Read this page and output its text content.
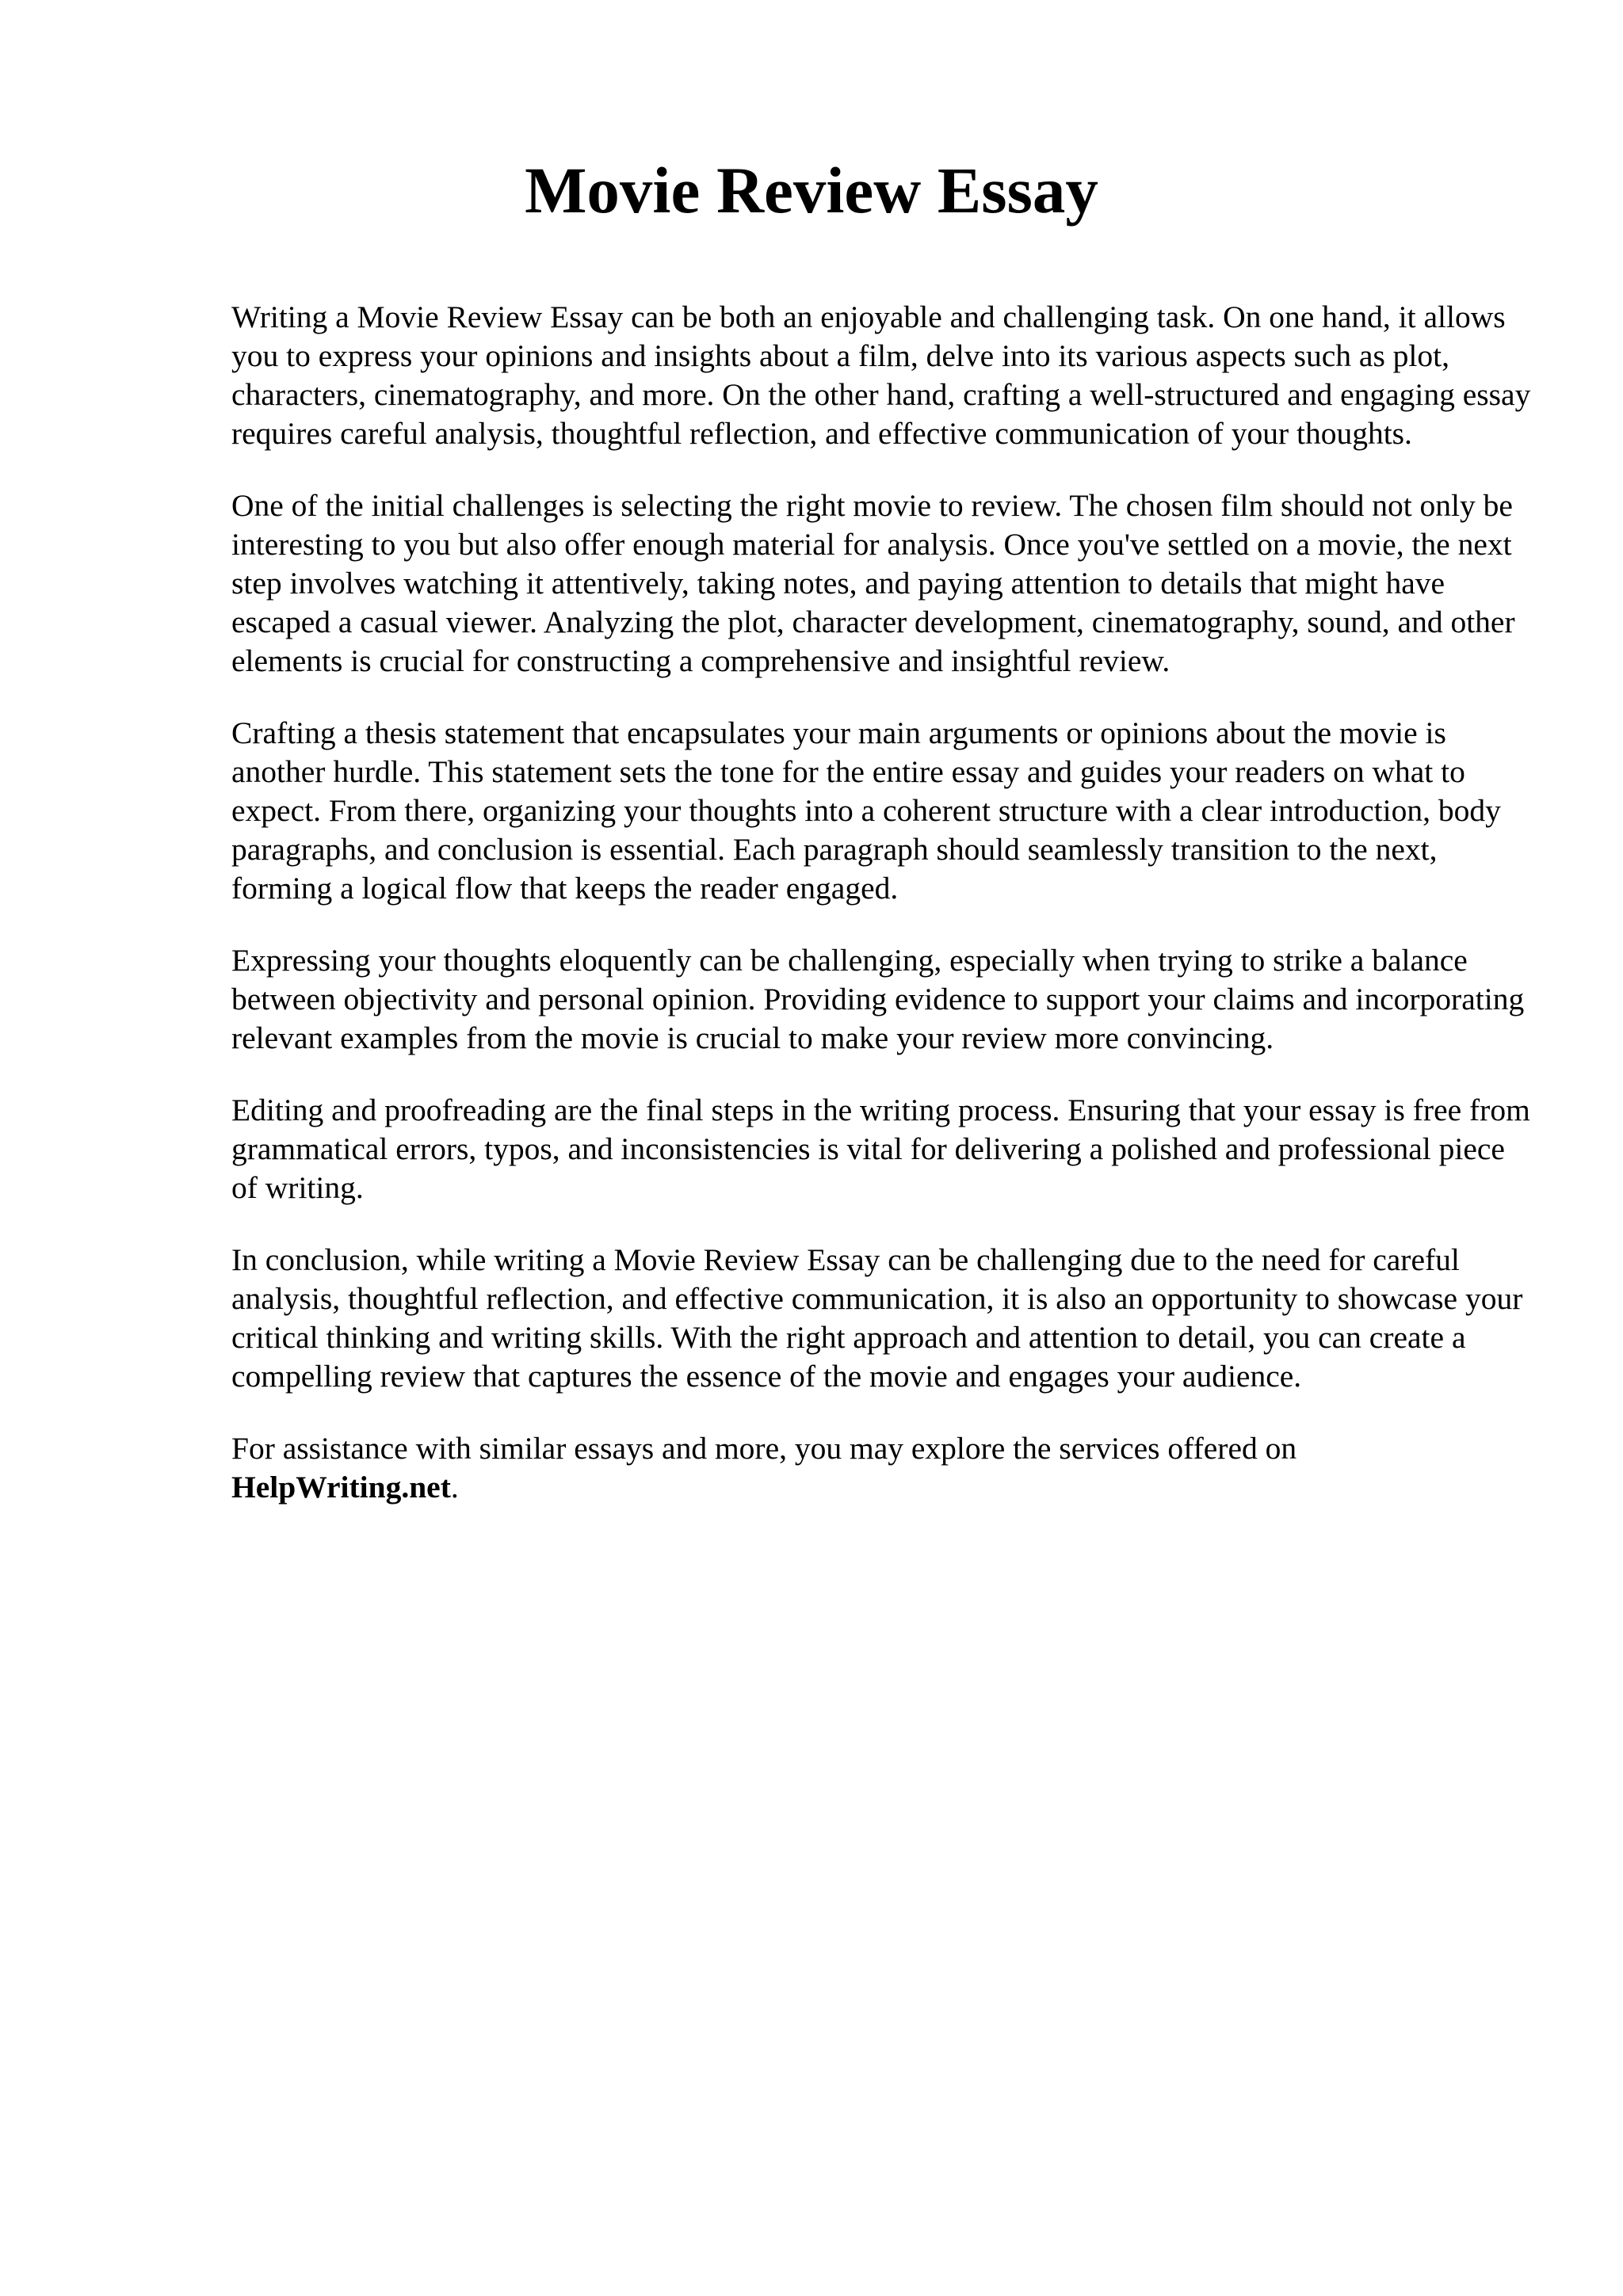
Movie Review Essay

Writing a Movie Review Essay can be both an enjoyable and challenging task. On one hand, it allows you to express your opinions and insights about a film, delve into its various aspects such as plot, characters, cinematography, and more. On the other hand, crafting a well-structured and engaging essay requires careful analysis, thoughtful reflection, and effective communication of your thoughts.

One of the initial challenges is selecting the right movie to review. The chosen film should not only be interesting to you but also offer enough material for analysis. Once you've settled on a movie, the next step involves watching it attentively, taking notes, and paying attention to details that might have escaped a casual viewer. Analyzing the plot, character development, cinematography, sound, and other elements is crucial for constructing a comprehensive and insightful review.

Crafting a thesis statement that encapsulates your main arguments or opinions about the movie is another hurdle. This statement sets the tone for the entire essay and guides your readers on what to expect. From there, organizing your thoughts into a coherent structure with a clear introduction, body paragraphs, and conclusion is essential. Each paragraph should seamlessly transition to the next, forming a logical flow that keeps the reader engaged.

Expressing your thoughts eloquently can be challenging, especially when trying to strike a balance between objectivity and personal opinion. Providing evidence to support your claims and incorporating relevant examples from the movie is crucial to make your review more convincing.

Editing and proofreading are the final steps in the writing process. Ensuring that your essay is free from grammatical errors, typos, and inconsistencies is vital for delivering a polished and professional piece of writing.

In conclusion, while writing a Movie Review Essay can be challenging due to the need for careful analysis, thoughtful reflection, and effective communication, it is also an opportunity to showcase your critical thinking and writing skills. With the right approach and attention to detail, you can create a compelling review that captures the essence of the movie and engages your audience.

For assistance with similar essays and more, you may explore the services offered on
HelpWriting.net.
